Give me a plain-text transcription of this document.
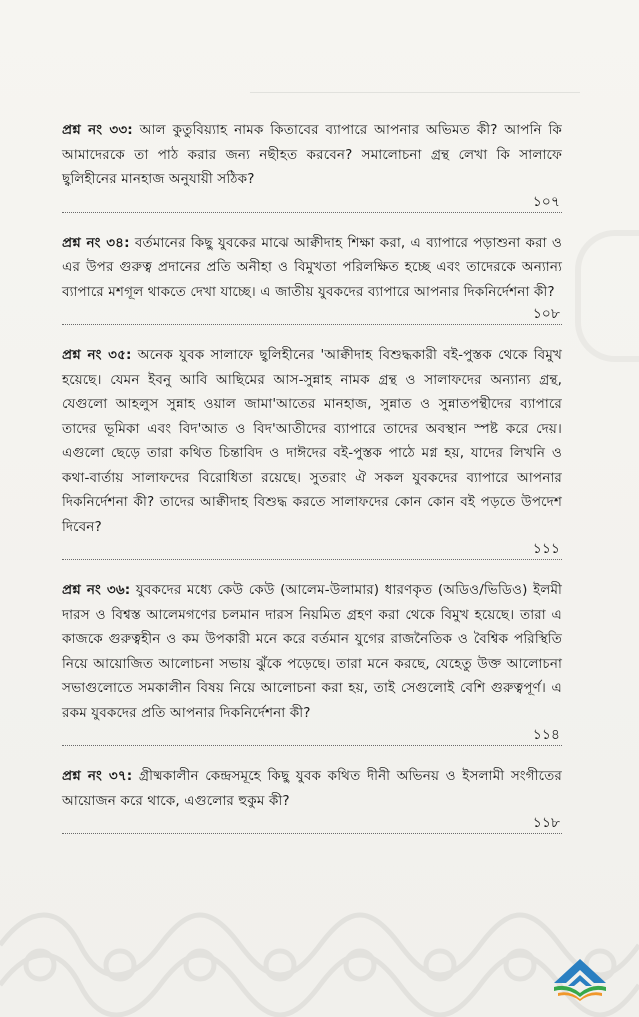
প্রশ্ন নং ৩৩: আল কুতুবিয়্যাহ নামক কিতাবের ব্যাপারে আপনার অভিমত কী? আপনি কি আমাদেরকে তা পাঠ করার জন্য নছীহত করবেন? সমালোচনা গ্রন্থ লেখা কি সালাফে ছ্বলিহীনের মানহাজ অনুযায়ী সঠিক?

১০৭

প্রশ্ন নং ৩৪: বর্তমানের কিছু যুবকের মাঝে আক্বীদাহ শিক্ষা করা, এ ব্যাপারে পড়াশুনা করা ও এর উপর গুরুত্ব প্রদানের প্রতি অনীহা ও বিমুখতা পরিলক্ষিত হচ্ছে এবং তাদেরকে অন্যান্য ব্যাপারে মশগূল থাকতে দেখা যাচ্ছে। এ জাতীয় যুবকদের ব্যাপারে আপনার দিকনির্দেশনা কী?

১০৮

প্রশ্ন নং ৩৫: অনেক যুবক সালাফে ছ্বলিহীনের 'আক্বীদাহ বিশুদ্ধকারী বই-পুস্তক থেকে বিমুখ হয়েছে। যেমন ইবনু আবি আছিমের আস-সুন্নাহ নামক গ্রন্থ ও সালাফদের অন্যান্য গ্রন্থ, যেগুলো আহলুস সুন্নাহ ওয়াল জামা'আতের মানহাজ, সুন্নাত ও সুন্নাতপন্থীদের ব্যাপারে তাদের ভূমিকা এবং বিদ'আত ও বিদ'আতীদের ব্যাপারে তাদের অবস্থান স্পষ্ট করে দেয়। এগুলো ছেড়ে তারা কথিত চিন্তাবিদ ও দাঈদের বই-পুস্তক পাঠে মগ্ন হয়, যাদের লিখনি ও কথা-বার্তায় সালাফদের বিরোধিতা রয়েছে। সুতরাং ঐ সকল যুবকদের ব্যাপারে আপনার দিকনির্দেশনা কী? তাদের আক্বীদাহ বিশুদ্ধ করতে সালাফদের কোন কোন বই পড়তে উপদেশ দিবেন?

১১১

প্রশ্ন নং ৩৬: যুবকদের মধ্যে কেউ কেউ (আলেম-উলামার) ধারণকৃত (অডিও/ভিডিও) ইলমী দারস ও বিশ্বস্ত আলেমগণের চলমান দারস নিয়মিত গ্রহণ করা থেকে বিমুখ হয়েছে। তারা এ কাজকে গুরুত্বহীন ও কম উপকারী মনে করে বর্তমান যুগের রাজনৈতিক ও বৈশ্বিক পরিস্থিতি নিয়ে আয়োজিত আলোচনা সভায় ঝুঁকে পড়েছে। তারা মনে করছে, যেহেতু উক্ত আলোচনা সভাগুলোতে সমকালীন বিষয় নিয়ে আলোচনা করা হয়, তাই সেগুলোই বেশি গুরুত্বপূর্ণ। এ রকম যুবকদের প্রতি আপনার দিকনির্দেশনা কী?

১১৪

প্রশ্ন নং ৩৭: গ্রীষ্মকালীন কেন্দ্রসমূহে কিছু যুবক কথিত দীনী অভিনয় ও ইসলামী সংগীতের আয়োজন করে থাকে, এগুলোর হুকুম কী?

১১৮
